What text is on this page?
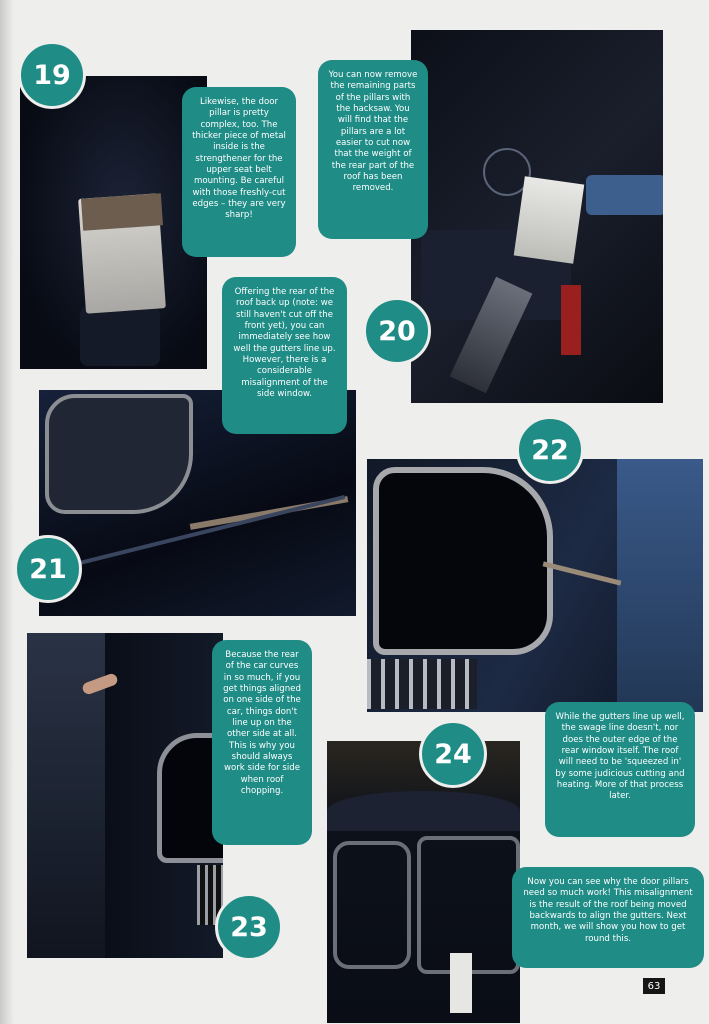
19
20
21
22
23
24
Likewise, the door pillar is pretty complex, too. The thicker piece of metal inside is the strengthener for the upper seat belt mounting. Be careful with those freshly-cut edges – they are very sharp!
You can now remove the remaining parts of the pillars with the hacksaw. You will find that the pillars are a lot easier to cut now that the weight of the rear part of the roof has been removed.
Offering the rear of the roof back up (note: we still haven't cut off the front yet), you can immediately see how well the gutters line up. However, there is a considerable misalignment of the side window.
While the gutters line up well, the swage line doesn't, nor does the outer edge of the rear window itself. The roof will need to be 'squeezed in' by some judicious cutting and heating. More of that process later.
Because the rear of the car curves in so much, if you get things aligned on one side of the car, things don't line up on the other side at all. This is why you should always work side for side when roof chopping.
Now you can see why the door pillars need so much work! This misalignment is the result of the roof being moved backwards to align the gutters. Next month, we will show you how to get round this.
63
